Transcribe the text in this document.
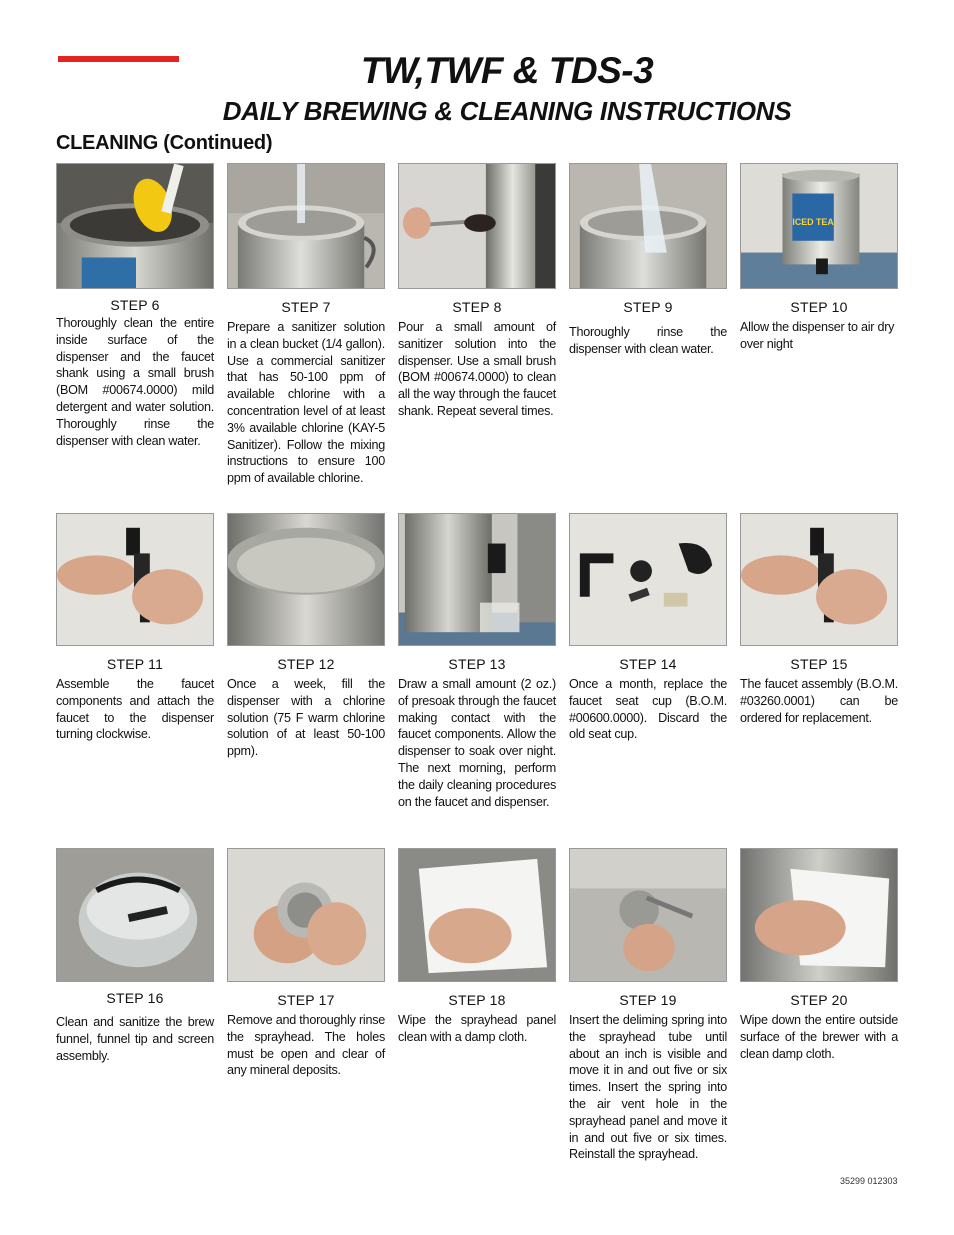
TW,TWF & TDS-3
DAILY BREWING & CLEANING INSTRUCTIONS
CLEANING (Continued)
STEP 6
Thoroughly clean the entire inside surface of the dispenser and the faucet shank using a small brush (BOM #00674.0000) mild detergent and water solution. Thoroughly rinse the dispenser with clean water.
STEP 7
Prepare a sanitizer solution in a clean bucket (1/4 gallon). Use a commercial sanitizer that has 50-100 ppm of available chlorine with a concentration level of at least 3% available chlorine (KAY-5 Sanitizer). Follow the mixing instructions to ensure 100 ppm of available chlorine.
STEP 8
Pour a small amount of sanitizer solution into the dispenser. Use a small brush (BOM #00674.0000) to clean all the way through the faucet shank. Repeat several times.
STEP 9
Thoroughly rinse the dispenser with clean water.
ICED TEA
STEP 10
Allow the dispenser to air dry over night
STEP 11
Assemble the faucet components and attach the faucet to the dispenser turning clockwise.
STEP 12
Once a week, fill the dispenser with a chlorine solution (75 F warm chlorine solution of at least 50-100 ppm).
STEP 13
Draw a small amount (2 oz.) of presoak through the faucet making contact with the faucet components. Allow the dispenser to soak over night. The next morning, perform the daily cleaning procedures on the faucet and dispenser.
STEP 14
Once a month, replace the faucet seat cup (B.O.M. #00600.0000). Discard the old seat cup.
STEP 15
The faucet assembly (B.O.M. #03260.0001) can be ordered for replacement.
STEP 16
Clean and sanitize the brew funnel, funnel tip and screen assembly.
STEP 17
Remove and thoroughly rinse the sprayhead. The holes must be open and clear of any mineral deposits.
STEP 18
Wipe the sprayhead panel clean with a damp cloth.
STEP 19
Insert the deliming spring into the sprayhead tube until about an inch is visible and move it in and out five or six times. Insert the spring into the air vent hole in the sprayhead panel and move it in and out five or six times. Reinstall the sprayhead.
STEP 20
Wipe down the entire outside surface of the brewer with a clean damp cloth.
35299 012303
